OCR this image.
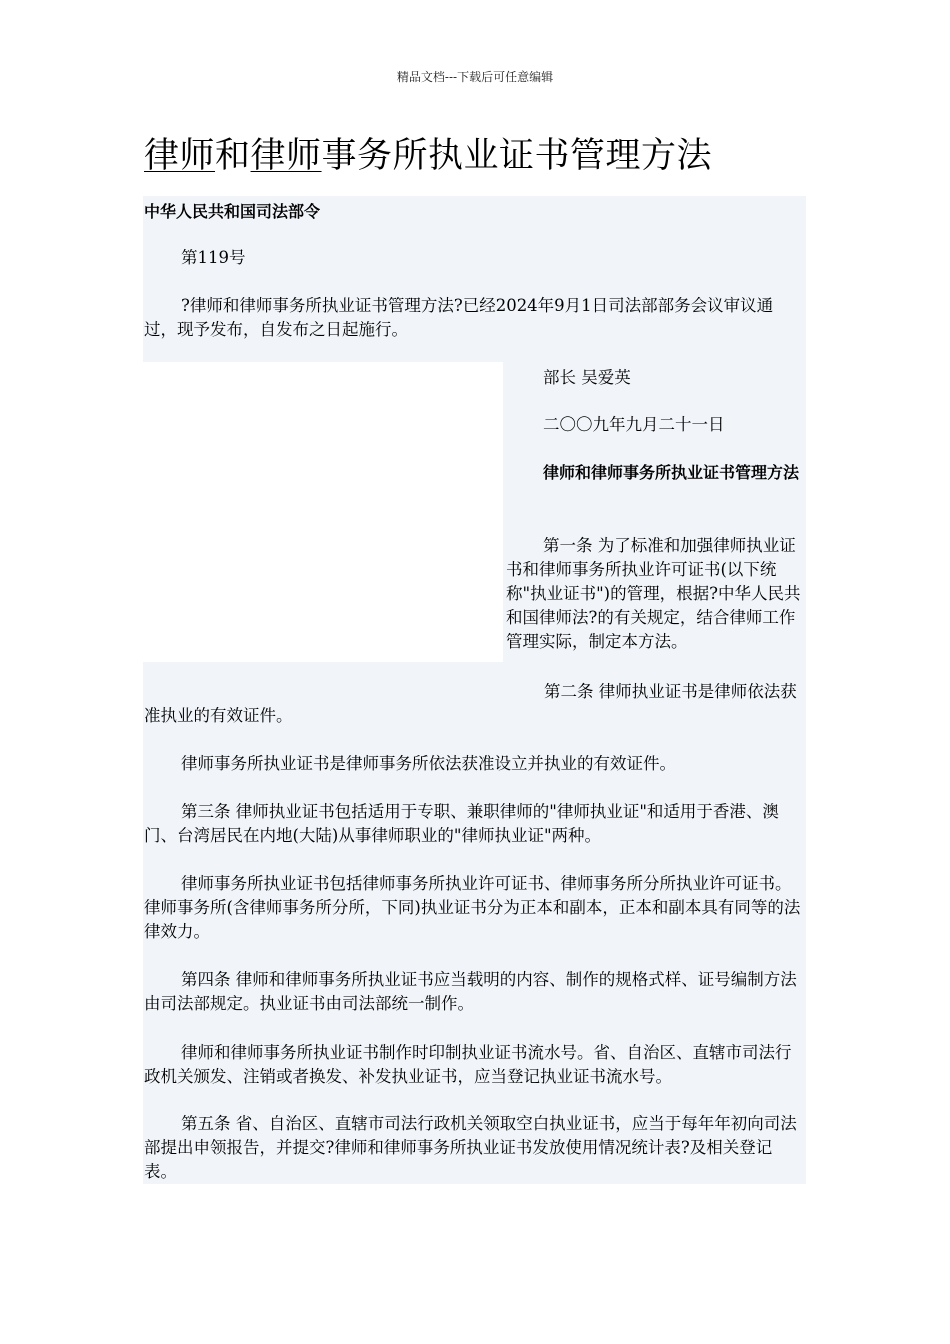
精品文档---下载后可任意编辑
律师和律师事务所执业证书管理方法

中华人民共和国司法部令

第119号

?律师和律师事务所执业证书管理方法?已经2024年9月1日司法部部务会议审议通过，现予发布，自发布之日起施行。

部长 吴爱英

二〇〇九年九月二十一日

律师和律师事务所执业证书管理方法

第一条 为了标准和加强律师执业证书和律师事务所执业许可证书(以下统称"执业证书")的管理，根据?中华人民共和国律师法?的有关规定，结合律师工作管理实际，制定本方法。

第二条 律师执业证书是律师依法获准执业的有效证件。

律师事务所执业证书是律师事务所依法获准设立并执业的有效证件。

第三条 律师执业证书包括适用于专职、兼职律师的"律师执业证"和适用于香港、澳门、台湾居民在内地(大陆)从事律师职业的"律师执业证"两种。

律师事务所执业证书包括律师事务所执业许可证书、律师事务所分所执业许可证书。律师事务所(含律师事务所分所，下同)执业证书分为正本和副本，正本和副本具有同等的法律效力。

第四条 律师和律师事务所执业证书应当载明的内容、制作的规格式样、证号编制方法由司法部规定。执业证书由司法部统一制作。

律师和律师事务所执业证书制作时印制执业证书流水号。省、自治区、直辖市司法行政机关颁发、注销或者换发、补发执业证书，应当登记执业证书流水号。

第五条 省、自治区、直辖市司法行政机关领取空白执业证书，应当于每年年初向司法部提出申领报告，并提交?律师和律师事务所执业证书发放使用情况统计表?及相关登记表。
